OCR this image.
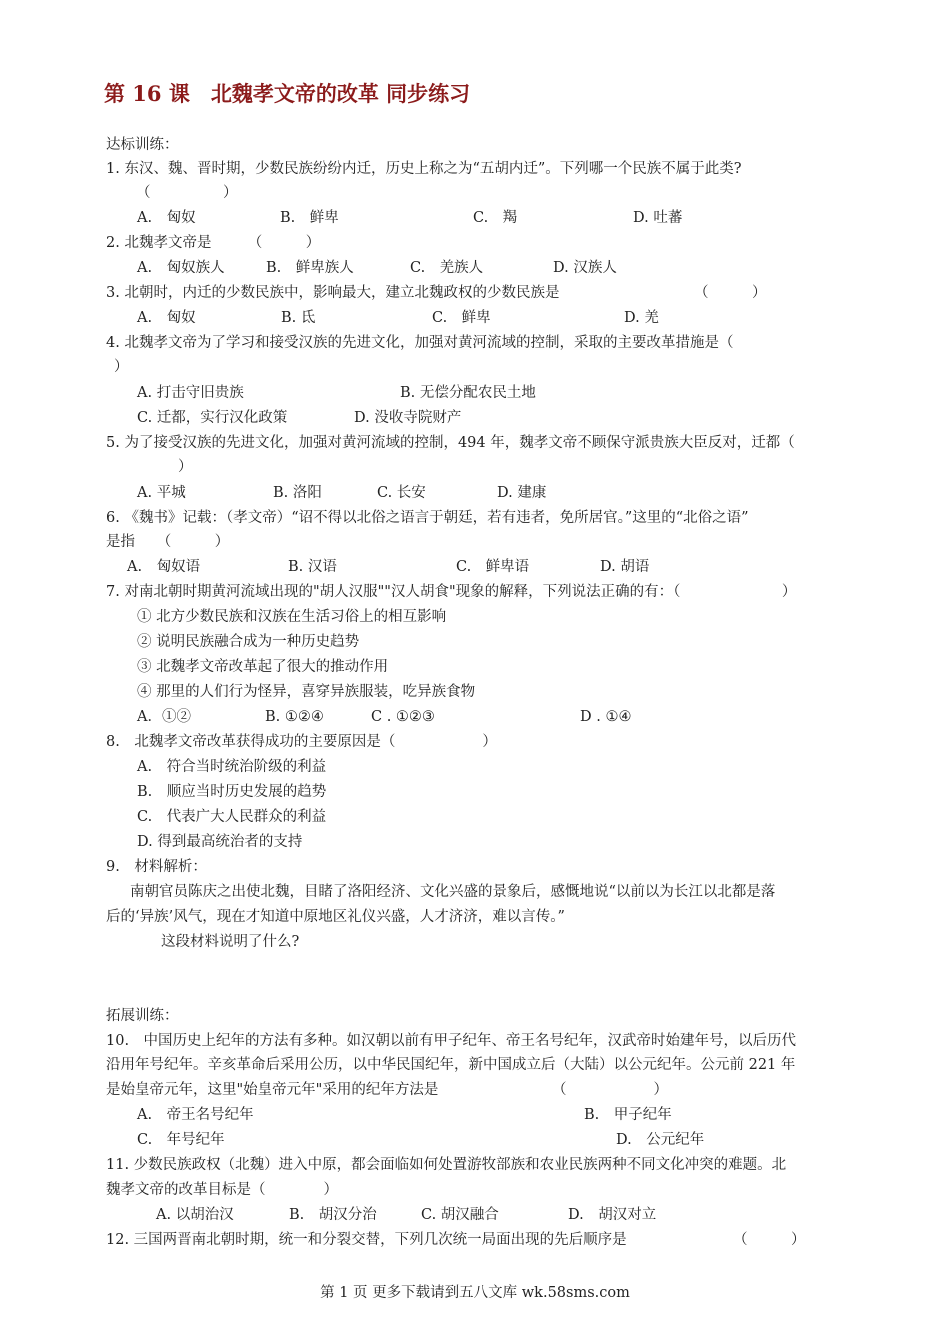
第 16 课　北魏孝文帝的改革 同步练习
达标训练：
1. 东汉、魏、晋时期，少数民族纷纷内迁，历史上称之为“五胡内迁”。下列哪一个民族不属于此类?
（　　　　　）
A.　匈奴	B.　鲜卑	C.　羯	D. 吐蕃
2. 北魏孝文帝是　　　（　　　）
A.　匈奴族人	B.　鲜卑族人	C.　羌族人	D. 汉族人
3. 北朝时，内迁的少数民族中，影响最大，建立北魏政权的少数民族是	（　　　）
A.　匈奴	B. 氐	C.　鲜卑	D. 羌
4. 北魏孝文帝为了学习和接受汉族的先进文化，加强对黄河流域的控制，采取的主要改革措施是（
）
A. 打击守旧贵族	B. 无偿分配农民土地
C. 迁都，实行汉化政策	D. 没收寺院财产
5. 为了接受汉族的先进文化，加强对黄河流域的控制，494 年，魏孝文帝不顾保守派贵族大臣反对，迁都（
）
A. 平城	B. 洛阳	C. 长安	D. 建康
6. 《魏书》记载：（孝文帝）“诏不得以北俗之语言于朝廷，若有违者，免所居官。”这里的“北俗之语”
是指　　（　　　）
A.　匈奴语	B. 汉语	C.　鲜卑语	D. 胡语
7. 对南北朝时期黄河流域出现的"胡人汉服""汉人胡食"现象的解释，下列说法正确的有：（　　　　　　　）
① 北方少数民族和汉族在生活习俗上的相互影响
② 说明民族融合成为一种历史趋势
③ 北魏孝文帝改革起了很大的推动作用
④ 那里的人们行为怪异，喜穿异族服装，吃异族食物
A．①②	B. ①②④	C . ①②③	D . ①④
8.　北魏孝文帝改革获得成功的主要原因是（　　　　　　）
A.　符合当时统治阶级的利益
B.　顺应当时历史发展的趋势
C.　代表广大人民群众的利益
D. 得到最高统治者的支持
9.　材料解析：
南朝官员陈庆之出使北魏，目睹了洛阳经济、文化兴盛的景象后，感慨地说“以前以为长江以北都是落
后的‘异族’风气，现在才知道中原地区礼仪兴盛，人才济济，难以言传。”
这段材料说明了什么?
拓展训练：
10.　中国历史上纪年的方法有多种。如汉朝以前有甲子纪年、帝王名号纪年，汉武帝时始建年号，以后历代
沿用年号纪年。辛亥革命后采用公历，以中华民国纪年，新中国成立后（大陆）以公元纪年。公元前 221 年
是始皇帝元年，这里"始皇帝元年"采用的纪年方法是	（　　　　　　）
A.　帝王名号纪年	B.　甲子纪年
C.　年号纪年	D.　公元纪年
11. 少数民族政权（北魏）进入中原，都会面临如何处置游牧部族和农业民族两种不同文化冲突的难题。北
魏孝文帝的改革目标是（　　　　）
A. 以胡治汉	B.　胡汉分治	C. 胡汉融合	D.　胡汉对立
12. 三国两晋南北朝时期，统一和分裂交替，下列几次统一局面出现的先后顺序是	（　　　）
第 1 页 更多下载请到五八文库 wk.58sms.com
